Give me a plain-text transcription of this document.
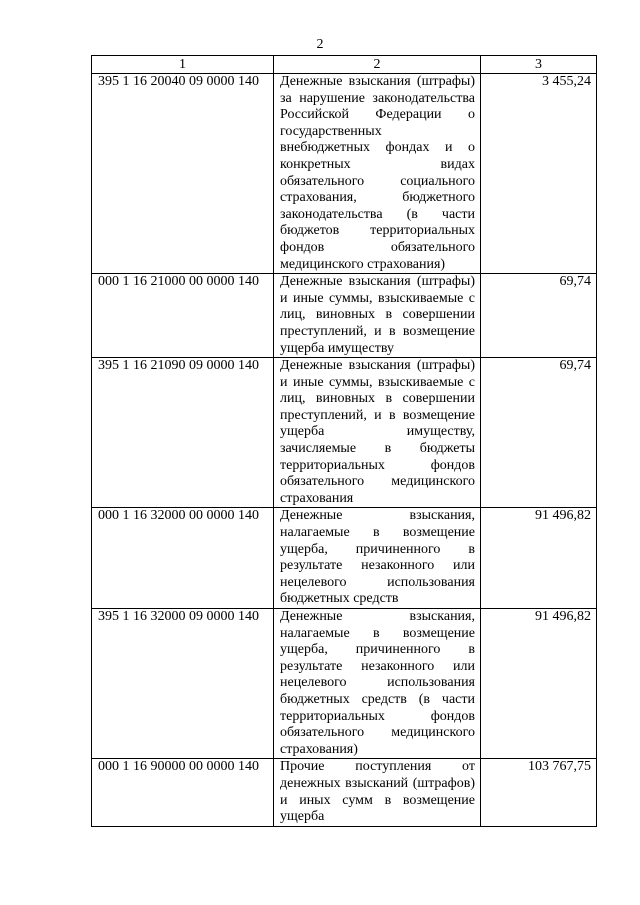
2
1	2	3
395 1 16 20040 09 0000 140	Денежные взыскания (штрафы) за нарушение законодательства Российской Федерации о государственных внебюджетных фондах и о конкретных видах обязательного социального страхования, бюджетного законодательства (в части бюджетов территориальных фондов обязательного медицинского страхования)	3 455,24
000 1 16 21000 00 0000 140	Денежные взыскания (штрафы) и иные суммы, взыскиваемые с лиц, виновных в совершении преступлений, и в возмещение ущерба имуществу	69,74
395 1 16 21090 09 0000 140	Денежные взыскания (штрафы) и иные суммы, взыскиваемые с лиц, виновных в совершении преступлений, и в возмещение ущерба имуществу, зачисляемые в бюджеты территориальных фондов обязательного медицинского страхования	69,74
000 1 16 32000 00 0000 140	Денежные взыскания, налагаемые в возмещение ущерба, причиненного в результате незаконного или нецелевого использования бюджетных средств	91 496,82
395 1 16 32000 09 0000 140	Денежные взыскания, налагаемые в возмещение ущерба, причиненного в результате незаконного или нецелевого использования бюджетных средств (в части территориальных фондов обязательного медицинского страхования)	91 496,82
000 1 16 90000 00 0000 140	Прочие поступления от денежных взысканий (штрафов) и иных сумм в возмещение ущерба	103 767,75
